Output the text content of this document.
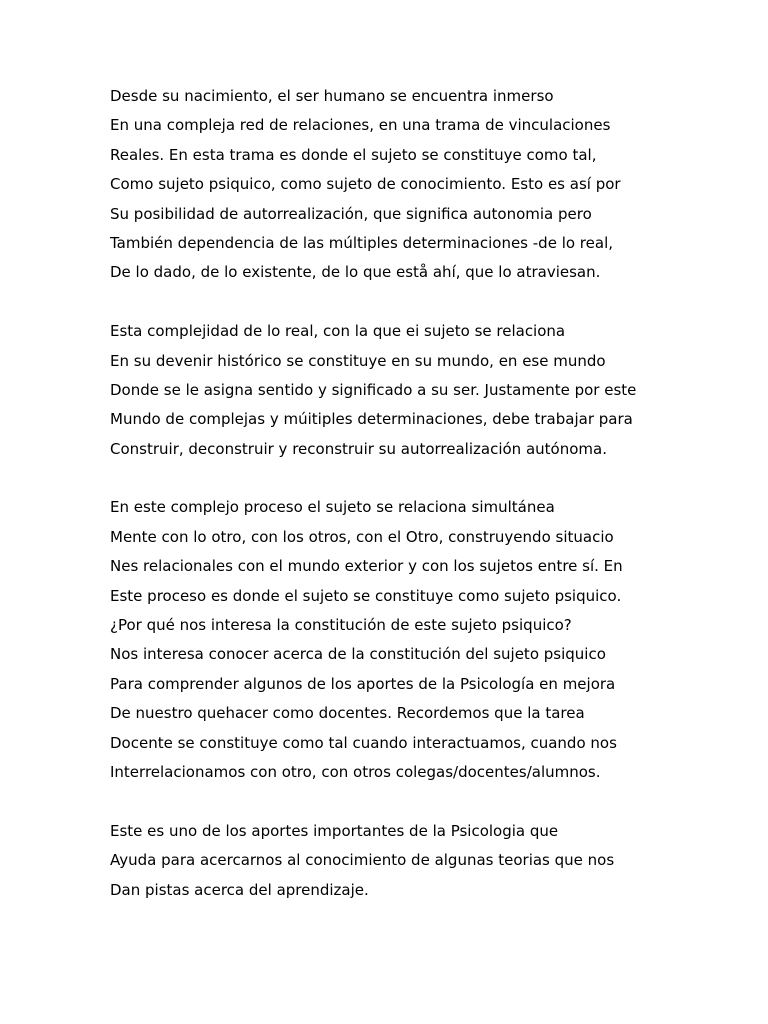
Desde su nacimiento, el ser humano se encuentra inmerso
En una compleja red de relaciones, en una trama de vinculaciones
Reales. En esta trama es donde el sujeto se constituye como tal,
Como sujeto psiquico, como sujeto de conocimiento. Esto es así por
Su posibilidad de autorrealización, que significa autonomia pero
También dependencia de las múltiples determinaciones -de lo real,
De lo dado, de lo existente, de lo que estå ahí, que lo atraviesan.
Esta complejidad de lo real, con la que ei sujeto se relaciona
En su devenir histórico se constituye en su mundo, en ese mundo
Donde se le asigna sentido y significado a su ser. Justamente por este
Mundo de complejas y múitiples determinaciones, debe trabajar para
Construir, deconstruir y reconstruir su autorrealización autónoma.
En este complejo proceso el sujeto se relaciona simultánea
Mente con lo otro, con los otros, con el Otro, construyendo situacio
Nes relacionales con el mundo exterior y con los sujetos entre sí. En
Este proceso es donde el sujeto se constituye como sujeto psiquico.
¿Por qué nos interesa la constitución de este sujeto psiquico?
Nos interesa conocer acerca de la constitución del sujeto psiquico
Para comprender algunos de los aportes de la Psicología en mejora
De nuestro quehacer como docentes. Recordemos que la tarea
Docente se constituye como tal cuando interactuamos, cuando nos
Interrelacionamos con otro, con otros colegas/docentes/alumnos.
Este es uno de los aportes importantes de la Psicologia que
Ayuda para acercarnos al conocimiento de algunas teorias que nos
Dan pistas acerca del aprendizaje.
